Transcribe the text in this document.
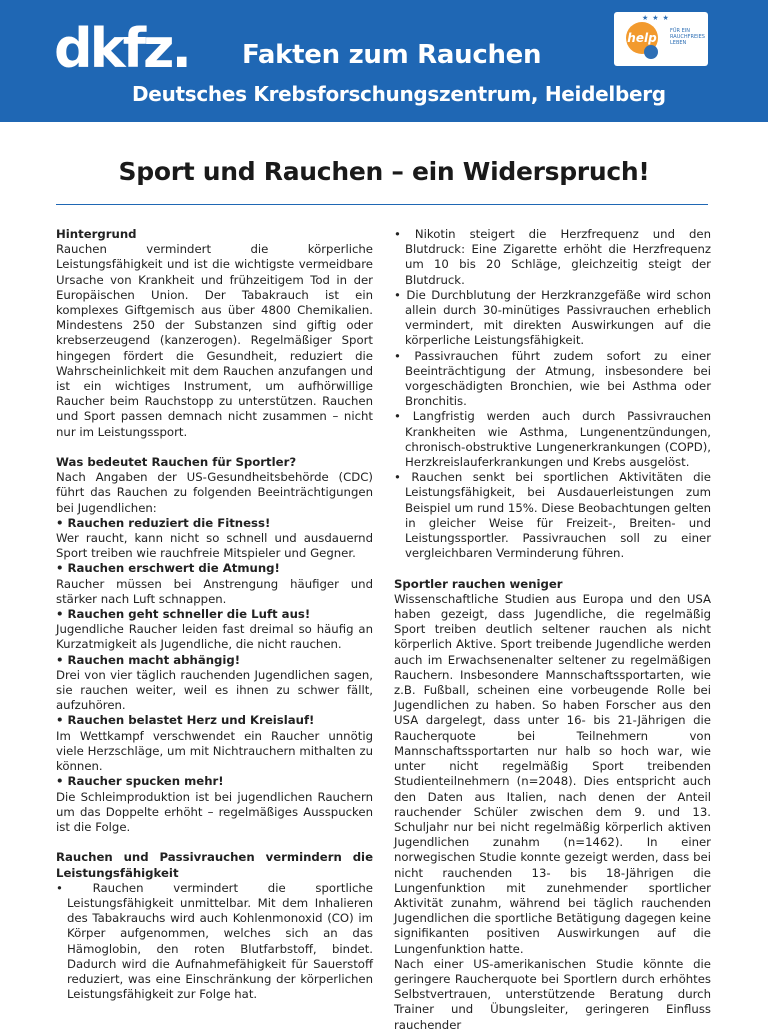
dkfz. Fakten zum Rauchen
Deutsches Krebsforschungszentrum, Heidelberg
★ ★ ★
help	FÜR EIN
RAUCHFREIES
LEBEN
Sport und Rauchen – ein Widerspruch!

Hintergrund

Rauchen vermindert die körperliche Leistungsfähigkeit und ist die wichtigste vermeidbare Ursache von Krankheit und frühzeitigem Tod in der Europäischen Union. Der Tabakrauch ist ein komplexes Giftgemisch aus über 4800 Chemikalien. Mindestens 250 der Substanzen sind giftig oder krebserzeugend (kanzerogen). Regelmäßiger Sport hingegen fördert die Gesundheit, reduziert die Wahrscheinlichkeit mit dem Rauchen anzufangen und ist ein wichtiges Instrument, um aufhörwillige Raucher beim Rauchstopp zu unterstützen. Rauchen und Sport passen demnach nicht zusammen – nicht nur im Leistungssport.

Was bedeutet Rauchen für Sportler?

Nach Angaben der US-Gesundheitsbehörde (CDC) führt das Rauchen zu folgenden Beeinträchtigungen bei Jugendlichen:

• Rauchen reduziert die Fitness!

Wer raucht, kann nicht so schnell und ausdauernd Sport treiben wie rauchfreie Mitspieler und Gegner.

• Rauchen erschwert die Atmung!

Raucher müssen bei Anstrengung häufiger und stärker nach Luft schnappen.

• Rauchen geht schneller die Luft aus!

Jugendliche Raucher leiden fast dreimal so häufig an Kurzatmigkeit als Jugendliche, die nicht rauchen.

• Rauchen macht abhängig!

Drei von vier täglich rauchenden Jugendlichen sagen, sie rauchen weiter, weil es ihnen zu schwer fällt, aufzuhören.

• Rauchen belastet Herz und Kreislauf!

Im Wettkampf verschwendet ein Raucher unnötig viele Herzschläge, um mit Nichtrauchern mithalten zu können.

• Raucher spucken mehr!

Die Schleimproduktion ist bei jugendlichen Rauchern um das Doppelte erhöht – regelmäßiges Ausspucken ist die Folge.

Rauchen und Passivrauchen vermindern die Leistungsfähigkeit

• Rauchen vermindert die sportliche Leistungsfähigkeit unmittelbar. Mit dem Inhalieren des Tabakrauchs wird auch Kohlenmonoxid (CO) im Körper aufgenommen, welches sich an das Hämoglobin, den roten Blutfarbstoff, bindet. Dadurch wird die Aufnahmefähigkeit für Sauerstoff reduziert, was eine Einschränkung der körperlichen Leistungsfähigkeit zur Folge hat.

• Nikotin steigert die Herzfrequenz und den Blutdruck: Eine Zigarette erhöht die Herzfrequenz um 10 bis 20 Schläge, gleichzeitig steigt der Blutdruck.

• Die Durchblutung der Herzkranzgefäße wird schon allein durch 30-minütiges Passivrauchen erheblich vermindert, mit direkten Auswirkungen auf die körperliche Leistungsfähigkeit.

• Passivrauchen führt zudem sofort zu einer Beeinträchtigung der Atmung, insbesondere bei vorgeschädigten Bronchien, wie bei Asthma oder Bronchitis.

• Langfristig werden auch durch Passivrauchen Krankheiten wie Asthma, Lungenentzündungen, chronisch-obstruktive Lungenerkrankungen (COPD), Herzkreislauferkrankungen und Krebs ausgelöst.

• Rauchen senkt bei sportlichen Aktivitäten die Leistungsfähigkeit, bei Ausdauerleistungen zum Beispiel um rund 15%. Diese Beobachtungen gelten in gleicher Weise für Freizeit-, Breiten- und Leistungssportler. Passivrauchen soll zu einer vergleichbaren Verminderung führen.

Sportler rauchen weniger

Wissenschaftliche Studien aus Europa und den USA haben gezeigt, dass Jugendliche, die regelmäßig Sport treiben deutlich seltener rauchen als nicht körperlich Aktive. Sport treibende Jugendliche werden auch im Erwachsenenalter seltener zu regelmäßigen Rauchern. Insbesondere Mannschaftssportarten, wie z.B. Fußball, scheinen eine vorbeugende Rolle bei Jugendlichen zu haben. So haben Forscher aus den USA dargelegt, dass unter 16- bis 21-Jährigen die Raucherquote bei Teilnehmern von Mannschaftssportarten nur halb so hoch war, wie unter nicht regelmäßig Sport treibenden Studienteilnehmern (n=2048). Dies entspricht auch den Daten aus Italien, nach denen der Anteil rauchender Schüler zwischen dem 9. und 13. Schuljahr nur bei nicht regelmäßig körperlich aktiven Jugendlichen zunahm (n=1462). In einer norwegischen Studie konnte gezeigt werden, dass bei nicht rauchenden 13- bis 18-Jährigen die Lungenfunktion mit zunehmender sportlicher Aktivität zunahm, während bei täglich rauchenden Jugendlichen die sportliche Betätigung dagegen keine signifikanten positiven Auswirkungen auf die Lungenfunktion hatte.

Nach einer US-amerikanischen Studie könnte die geringere Raucherquote bei Sportlern durch erhöhtes Selbstvertrauen, unterstützende Beratung durch Trainer und Übungsleiter, geringeren Einfluss rauchender
